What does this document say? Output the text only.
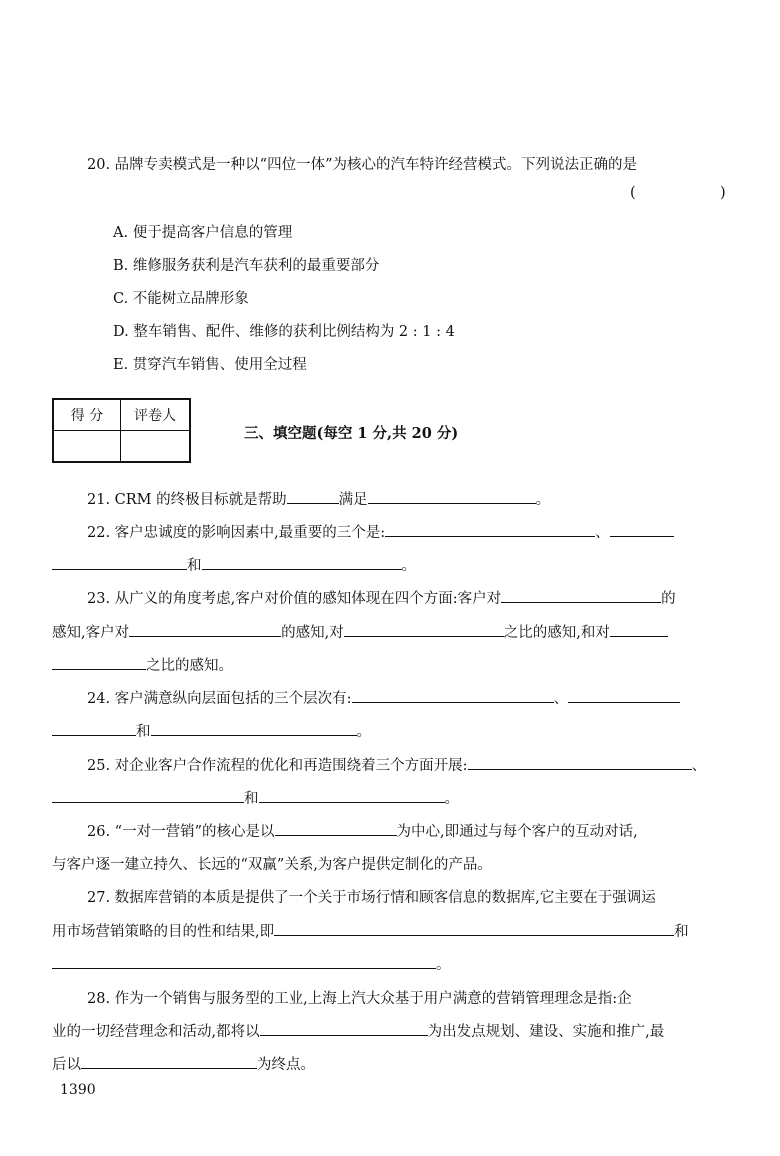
20. 品牌专卖模式是一种以“四位一体”为核心的汽车特许经营模式。下列说法正确的是
(	)
A. 便于提高客户信息的管理
B. 维修服务获利是汽车获利的最重要部分
C. 不能树立品牌形象
D. 整车销售、配件、维修的获利比例结构为 2 : 1 : 4
E. 贯穿汽车销售、使用全过程
得 分	评卷人

三、填空题(每空 1 分,共 20 分)
21. CRM 的终极目标就是帮助	满足	。
22. 客户忠诚度的影响因素中,最重要的三个是:	、
和	。
23. 从广义的角度考虑,客户对价值的感知体现在四个方面:客户对	的
感知,客户对	的感知,对	之比的感知,和对
之比的感知。
24. 客户满意纵向层面包括的三个层次有:	、
和	。
25. 对企业客户合作流程的优化和再造围绕着三个方面开展:	、
和	。
26. “一对一营销”的核心是以	为中心,即通过与每个客户的互动对话,
与客户逐一建立持久、长远的“双赢”关系,为客户提供定制化的产品。
27. 数据库营销的本质是提供了一个关于市场行情和顾客信息的数据库,它主要在于强调运
用市场营销策略的目的性和结果,即	和
。
28. 作为一个销售与服务型的工业,上海上汽大众基于用户满意的营销管理理念是指:企
业的一切经营理念和活动,都将以	为出发点规划、建设、实施和推广,最
后以	为终点。
1390
